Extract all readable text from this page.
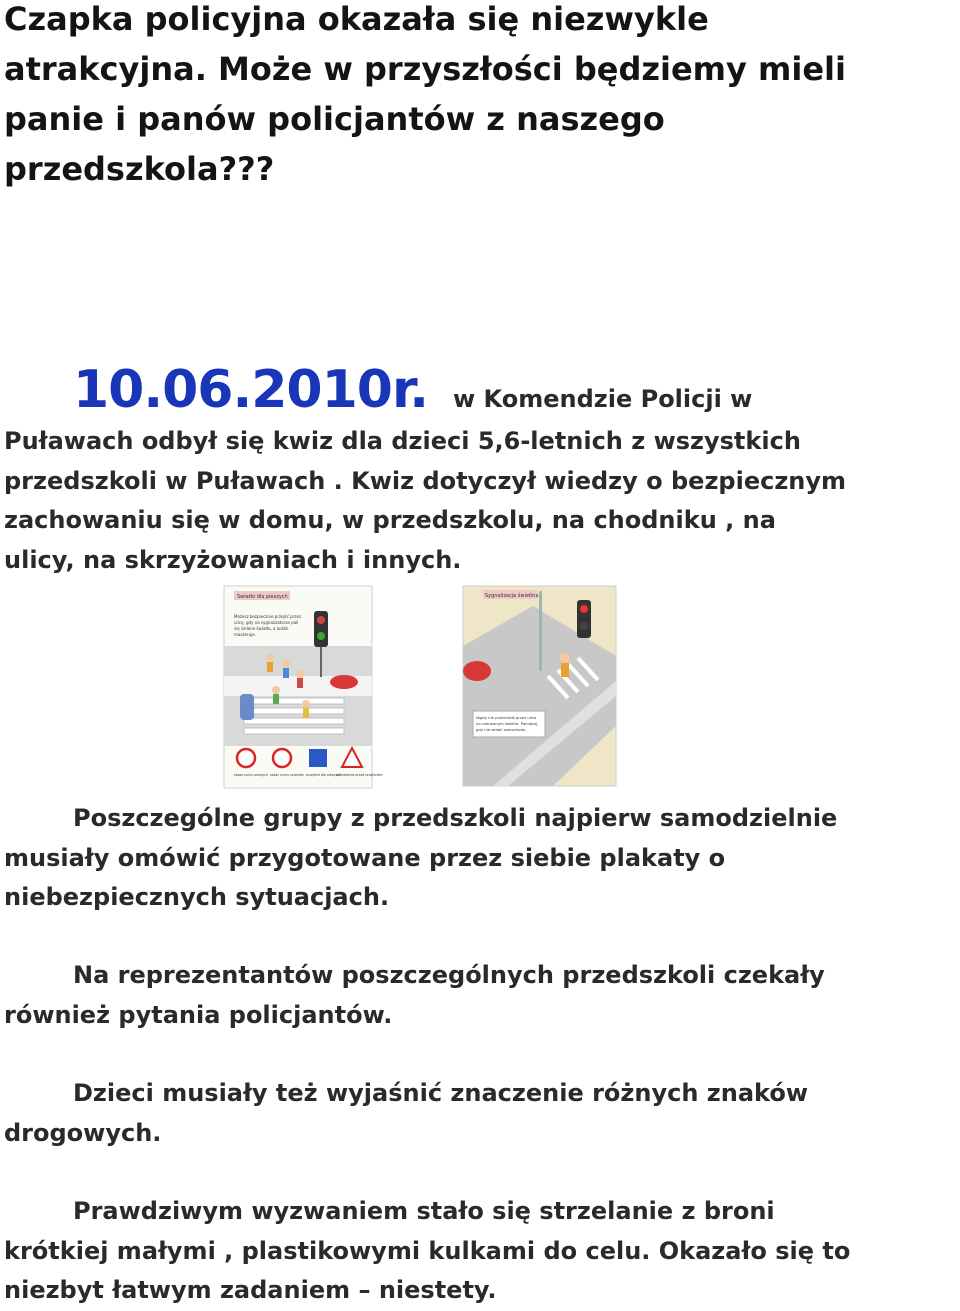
Czapka policyjna okazała się niezwykle
atrakcyjna. Może w przyszłości będziemy mieli
panie i panów policjantów z naszego
przedszkola???
10.06.2010r. w Komendzie Policji w
Puławach odbył się kwiz dla dzieci 5,6-letnich z wszystkich
przedszkoli w Puławach . Kwiz dotyczył wiedzy o bezpiecznym
zachowaniu się w domu, w przedszkolu, na chodniku , na
ulicy, na skrzyżowaniach i innych.
Światło dla pieszych
Możesz bezpiecznie przejść przez ulicę, gdy na sygnalizatorze pali się zielone światło, a ludzik maszeruje.
zakaz ruchu pieszych zakaz ruchu rowerów przejście dla pieszych ostrzeżenie przed przejściem
Sygnalizacja świetlna
Nigdy nie przechodź przez ulicę na czerwonym świetle. Pamiętaj, gdy nie widać samochodu.
Poszczególne grupy z przedszkoli najpierw samodzielnie
musiały omówić przygotowane przez siebie plakaty o
niebezpiecznych sytuacjach.
Na reprezentantów poszczególnych przedszkoli czekały
również pytania policjantów.
Dzieci musiały też wyjaśnić znaczenie różnych znaków
drogowych.
Prawdziwym wyzwaniem stało się strzelanie z broni
krótkiej małymi , plastikowymi kulkami do celu. Okazało się to
niezbyt łatwym zadaniem – niestety.
